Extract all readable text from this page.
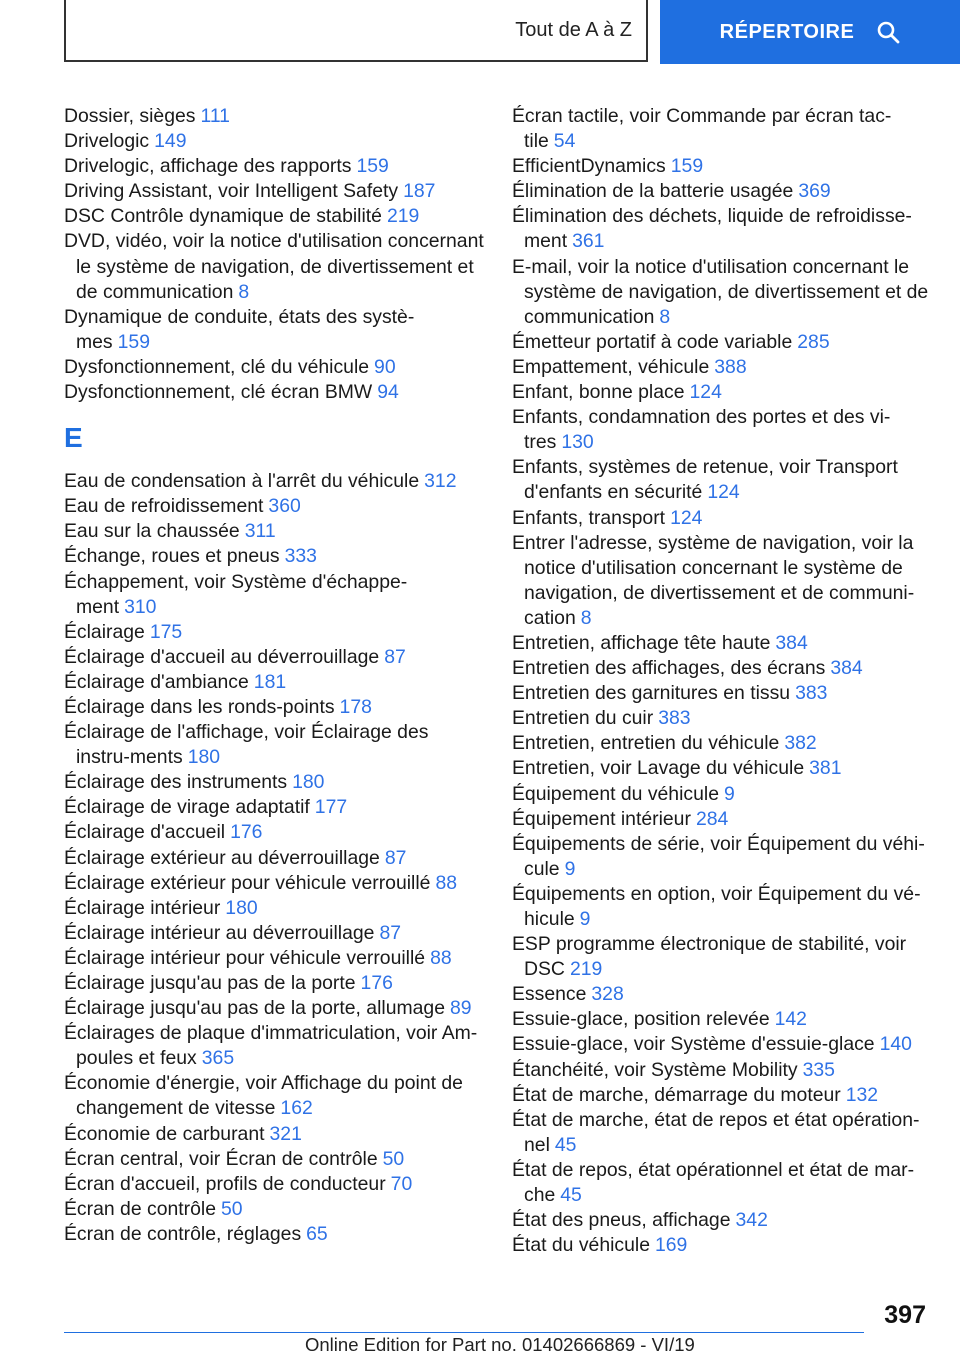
Tout de A à Z	RÉPERTOIRE

Dossier, sièges 111

Drivelogic 149

Drivelogic, affichage des rapports 159

Driving Assistant, voir Intelligent Safety 187

DSC Contrôle dynamique de stabilité 219

DVD, vidéo, voir la notice d'utilisation concernant le système de navigation, de divertissement et de communication 8

Dynamique de conduite, états des systè-mes 159

Dysfonctionnement, clé du véhicule 90

Dysfonctionnement, clé écran BMW 94

E

Eau de condensation à l'arrêt du véhicule 312

Eau de refroidissement 360

Eau sur la chaussée 311

Échange, roues et pneus 333

Échappement, voir Système d'échappe-ment 310

Éclairage 175

Éclairage d'accueil au déverrouillage 87

Éclairage d'ambiance 181

Éclairage dans les ronds-points 178

Éclairage de l'affichage, voir Éclairage des instru-ments 180

Éclairage des instruments 180

Éclairage de virage adaptatif 177

Éclairage d'accueil 176

Éclairage extérieur au déverrouillage 87

Éclairage extérieur pour véhicule verrouillé 88

Éclairage intérieur 180

Éclairage intérieur au déverrouillage 87

Éclairage intérieur pour véhicule verrouillé 88

Éclairage jusqu'au pas de la porte 176

Éclairage jusqu'au pas de la porte, allumage 89

Éclairages de plaque d'immatriculation, voir Am-poules et feux 365

Économie d'énergie, voir Affichage du point de changement de vitesse 162

Économie de carburant 321

Écran central, voir Écran de contrôle 50

Écran d'accueil, profils de conducteur 70

Écran de contrôle 50

Écran de contrôle, réglages 65

Écran tactile, voir Commande par écran tac-tile 54

EfficientDynamics 159

Élimination de la batterie usagée 369

Élimination des déchets, liquide de refroidisse-ment 361

E-mail, voir la notice d'utilisation concernant le système de navigation, de divertissement et de communication 8

Émetteur portatif à code variable 285

Empattement, véhicule 388

Enfant, bonne place 124

Enfants, condamnation des portes et des vi-tres 130

Enfants, systèmes de retenue, voir Transport d'enfants en sécurité 124

Enfants, transport 124

Entrer l'adresse, système de navigation, voir la notice d'utilisation concernant le système de navigation, de divertissement et de communi-cation 8

Entretien, affichage tête haute 384

Entretien des affichages, des écrans 384

Entretien des garnitures en tissu 383

Entretien du cuir 383

Entretien, entretien du véhicule 382

Entretien, voir Lavage du véhicule 381

Équipement du véhicule 9

Équipement intérieur 284

Équipements de série, voir Équipement du véhi-cule 9

Équipements en option, voir Équipement du vé-hicule 9

ESP programme électronique de stabilité, voir DSC 219

Essence 328

Essuie-glace, position relevée 142

Essuie-glace, voir Système d'essuie-glace 140

Étanchéité, voir Système Mobility 335

État de marche, démarrage du moteur 132

État de marche, état de repos et état opération-nel 45

État de repos, état opérationnel et état de mar-che 45

État des pneus, affichage 342

État du véhicule 169

397
Online Edition for Part no. 01402666869 - VI/19
